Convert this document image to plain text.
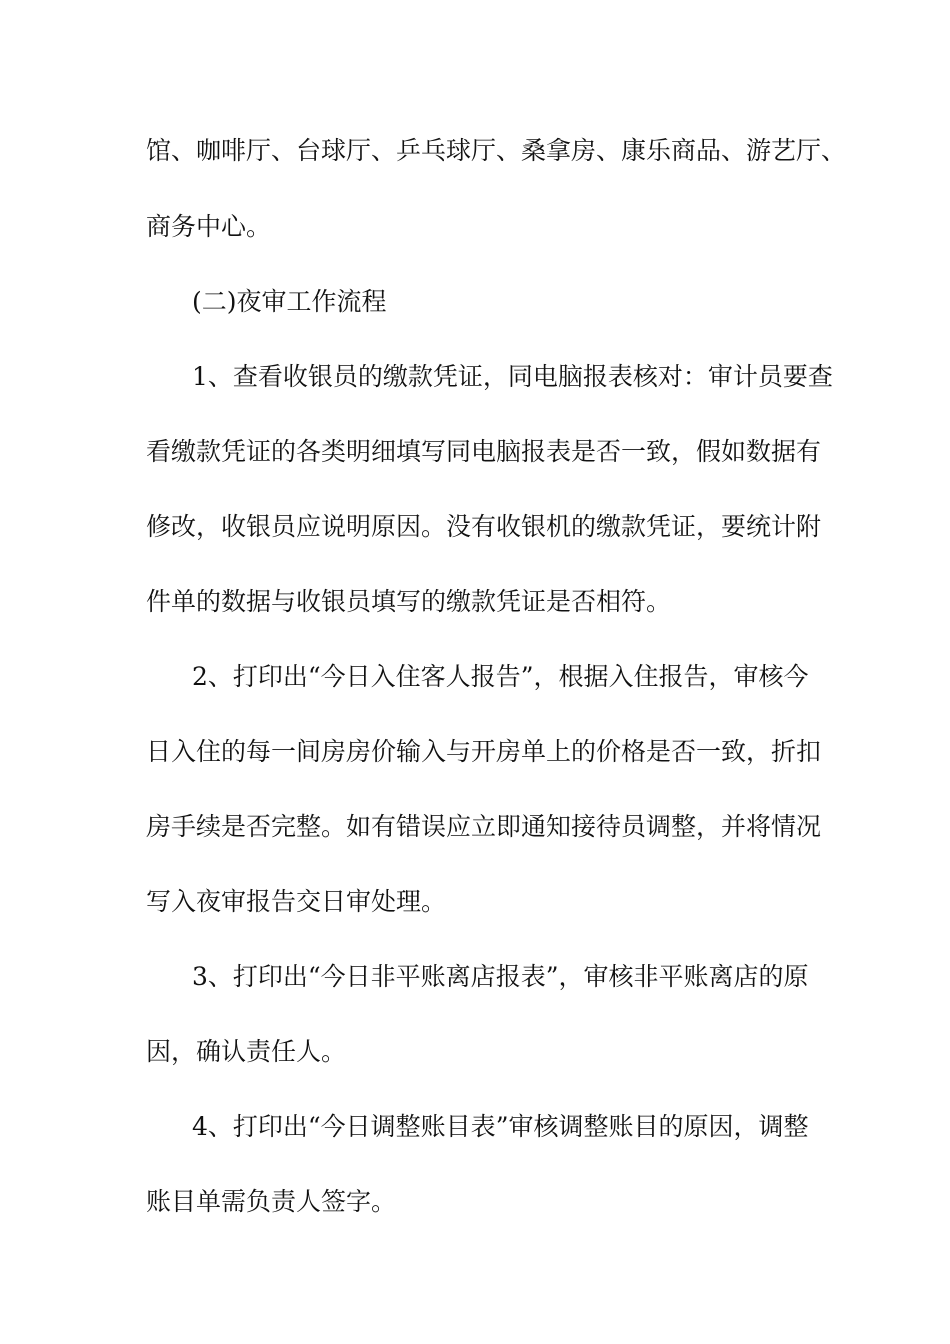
馆、咖啡厅、台球厅、乒乓球厅、桑拿房、康乐商品、游艺厅、
商务中心。
(二)夜审工作流程
1、查看收银员的缴款凭证，同电脑报表核对：审计员要查
看缴款凭证的各类明细填写同电脑报表是否一致，假如数据有
修改，收银员应说明原因。没有收银机的缴款凭证，要统计附
件单的数据与收银员填写的缴款凭证是否相符。
2、打印出“今日入住客人报告”，根据入住报告，审核今
日入住的每一间房房价输入与开房单上的价格是否一致，折扣
房手续是否完整。如有错误应立即通知接待员调整，并将情况
写入夜审报告交日审处理。
3、打印出“今日非平账离店报表”，审核非平账离店的原
因，确认责任人。
4、打印出“今日调整账目表”审核调整账目的原因，调整
账目单需负责人签字。
